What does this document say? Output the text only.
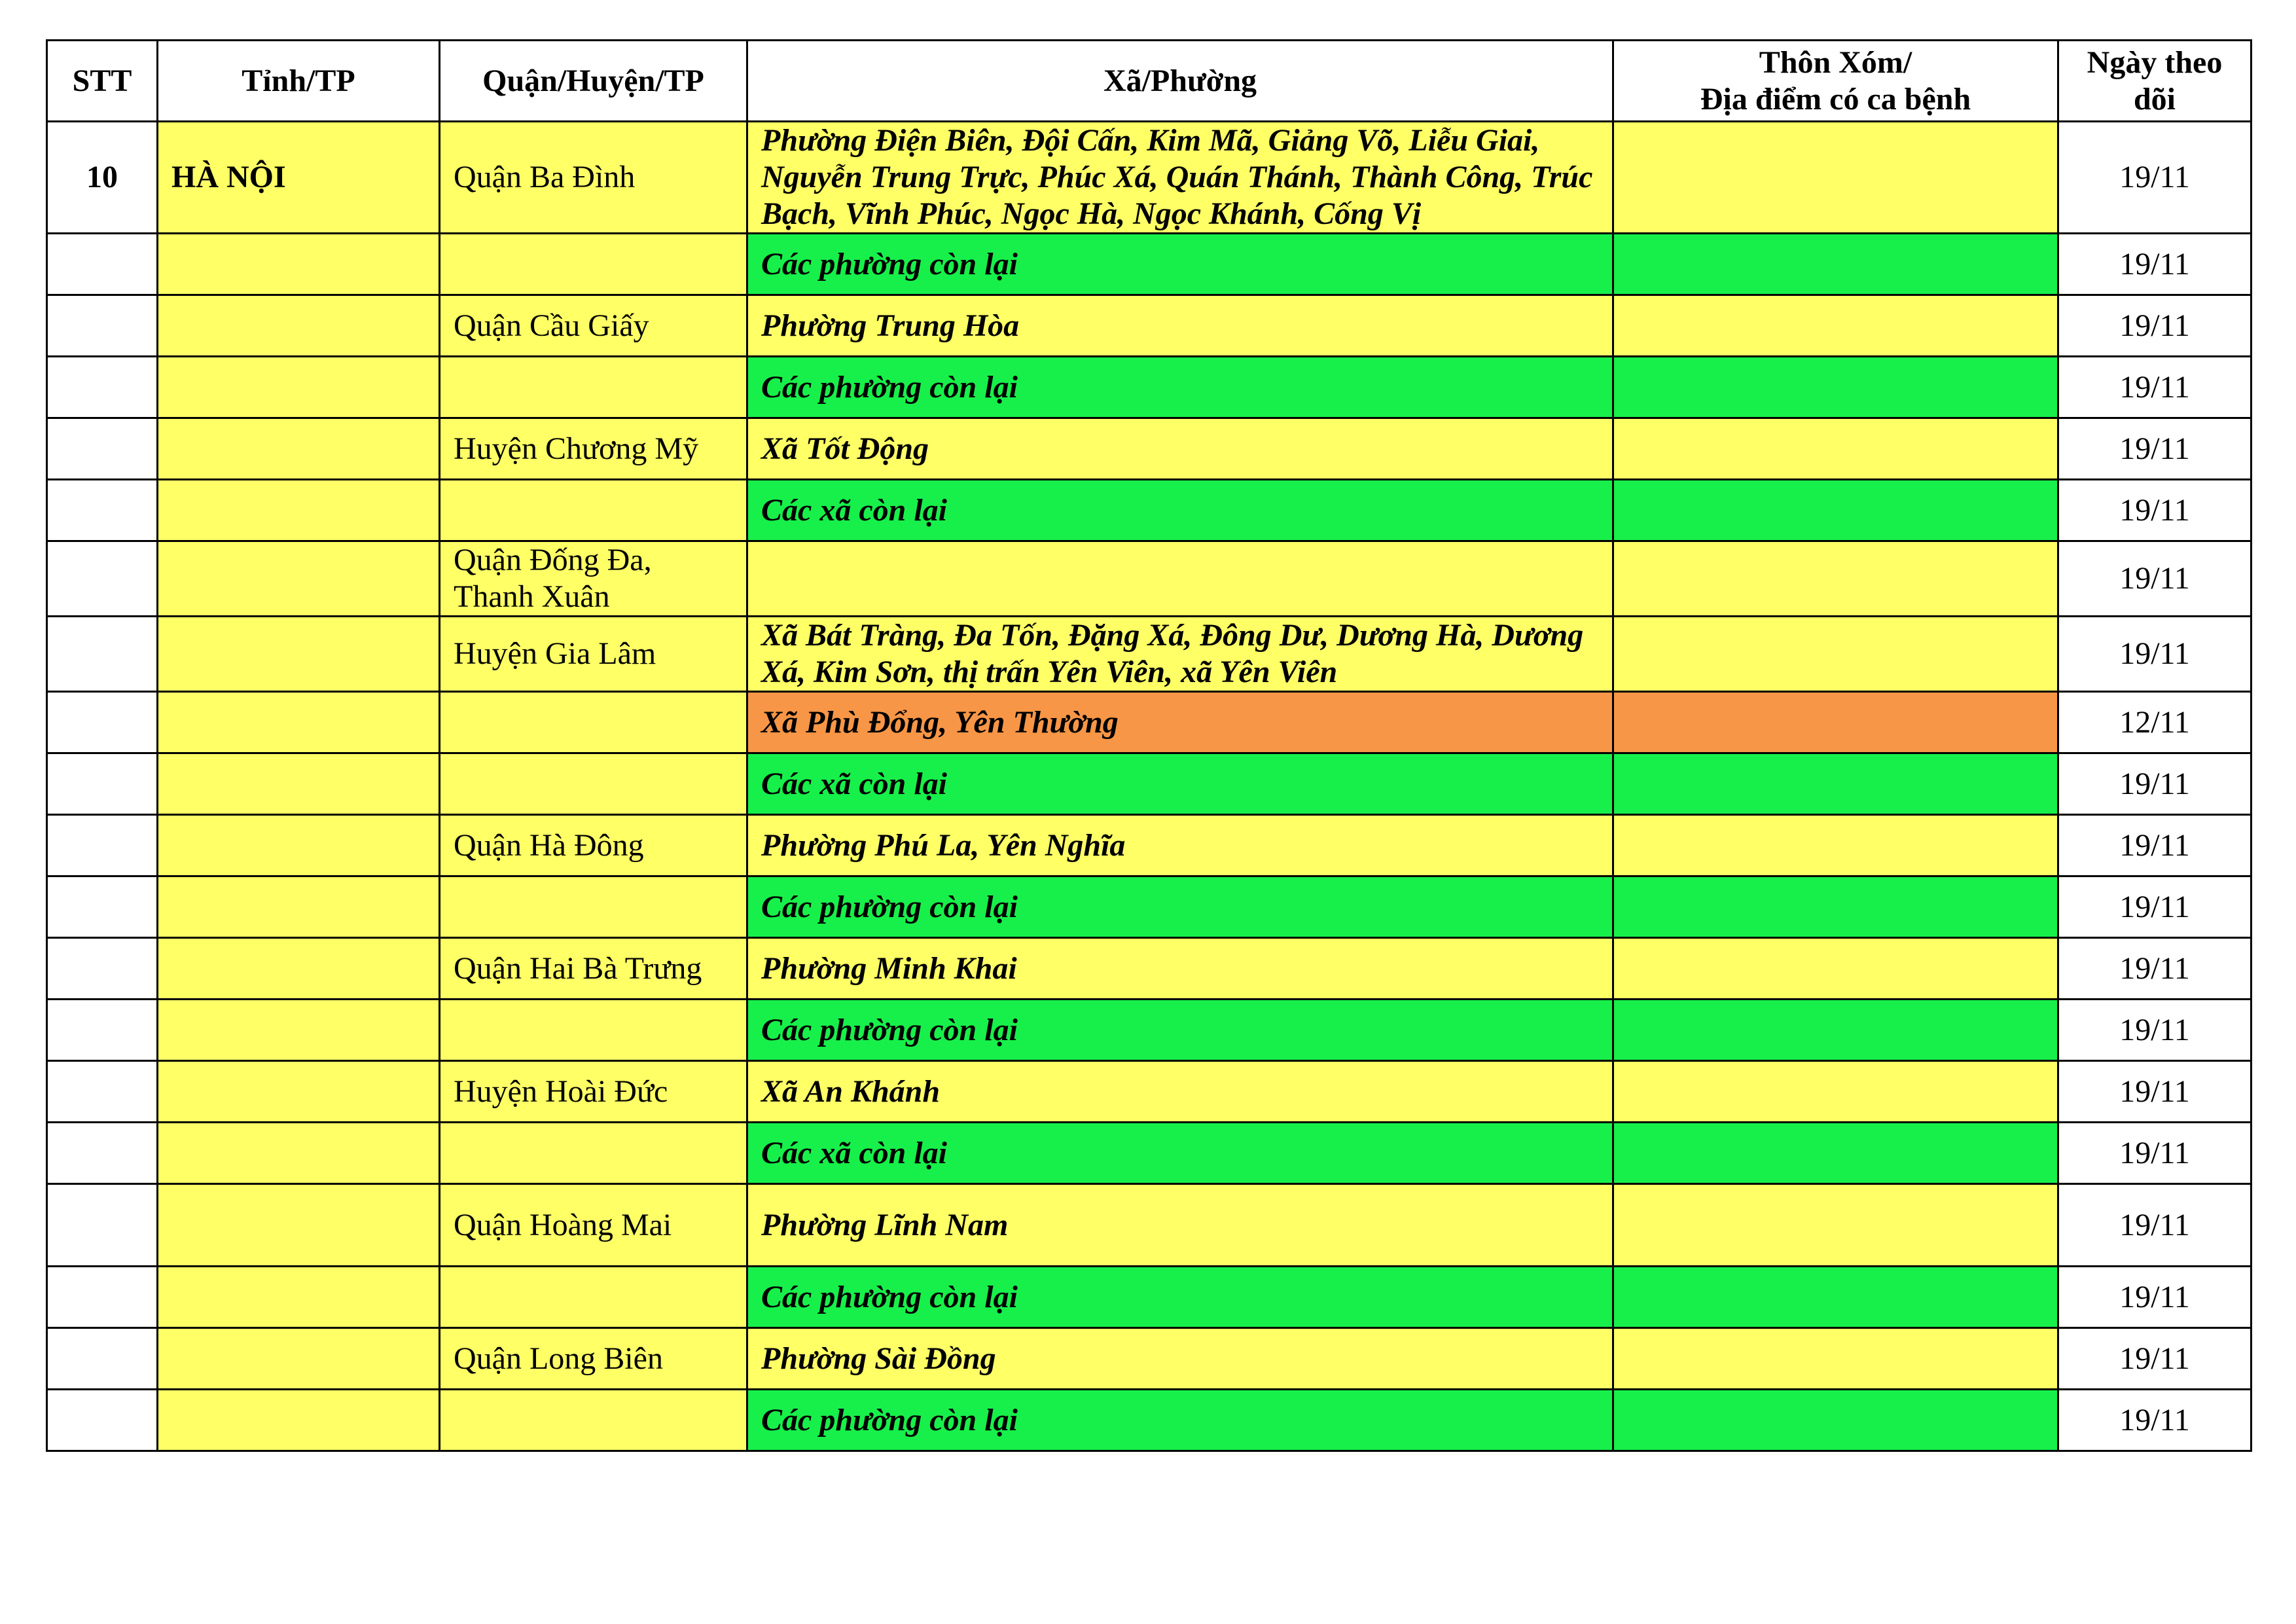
STT	Tỉnh/TP	Quận/Huyện/TP	Xã/Phường	Thôn Xóm/
Địa điểm có ca bệnh	Ngày theo
dõi

10	HÀ NỘI	Quận Ba Đình	Phường Điện Biên, Đội Cấn, Kim Mã, Giảng Võ, Liễu Giai, Nguyễn Trung Trực, Phúc Xá, Quán Thánh, Thành Công, Trúc Bạch, Vĩnh Phúc, Ngọc Hà, Ngọc Khánh, Cống Vị		19/11
			Các phường còn lại		19/11
		Quận Cầu Giấy	Phường Trung Hòa		19/11
			Các phường còn lại		19/11
		Huyện Chương Mỹ	Xã Tốt Động		19/11
			Các xã còn lại		19/11
		Quận Đống Đa, Thanh Xuân			19/11
		Huyện Gia Lâm	Xã Bát Tràng, Đa Tốn, Đặng Xá, Đông Dư, Dương Hà, Dương Xá, Kim Sơn, thị trấn Yên Viên, xã Yên Viên		19/11
			Xã Phù Đổng, Yên Thường		12/11
			Các xã còn lại		19/11
		Quận Hà Đông	Phường Phú La, Yên Nghĩa		19/11
			Các phường còn lại		19/11
		Quận Hai Bà Trưng	Phường Minh Khai		19/11
			Các phường còn lại		19/11
		Huyện Hoài Đức	Xã An Khánh		19/11
			Các xã còn lại		19/11
		Quận Hoàng Mai	Phường Lĩnh Nam		19/11
			Các phường còn lại		19/11
		Quận Long Biên	Phường Sài Đồng		19/11
			Các phường còn lại		19/11
